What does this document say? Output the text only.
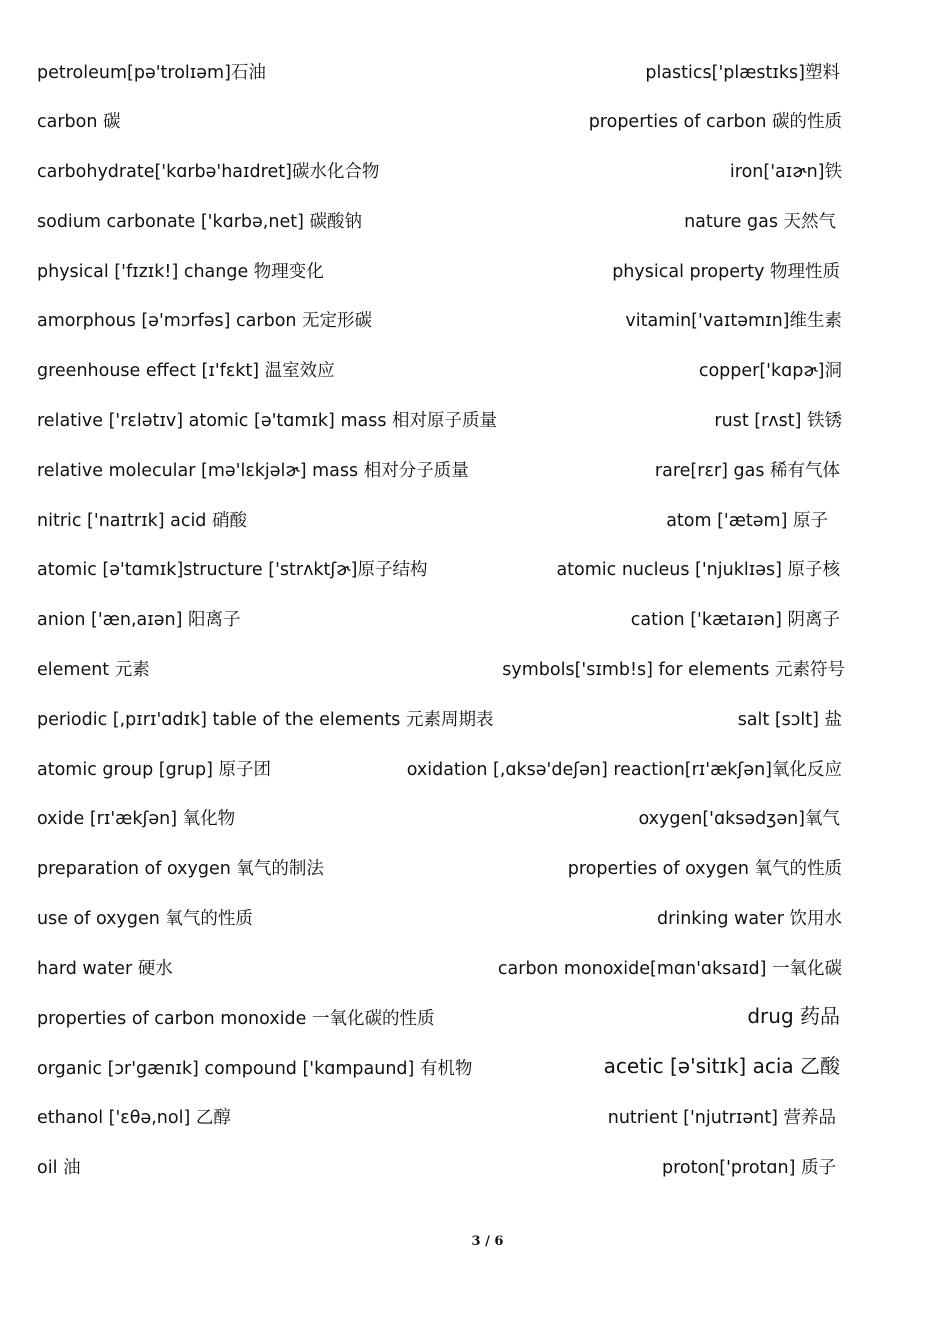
petroleum[pə'trolɪəm]石油	plastics['plæstɪks]塑料
carbon 碳	properties of carbon 碳的性质
carbohydrate['kɑrbə'haɪdret]碳水化合物	iron['aɪɚn]铁
sodium carbonate ['kɑrbə,net] 碳酸钠	nature gas 天然气
physical ['fɪzɪk!] change 物理变化	physical property 物理性质
amorphous [ə'mɔrfəs] carbon 无定形碳	vitamin['vaɪtəmɪn]维生素
greenhouse effect [ɪ'fɛkt] 温室效应	copper['kɑpɚ]洞
relative ['rɛlətɪv] atomic [ə'tɑmɪk] mass 相对原子质量	rust [rʌst] 铁锈
relative molecular [mə'lɛkjəlɚ] mass 相对分子质量	rare[rɛr] gas 稀有气体
nitric ['naɪtrɪk] acid 硝酸	atom ['ætəm] 原子
atomic [ə'tɑmɪk]structure ['strʌktʃɚ]原子结构	atomic nucleus ['njuklɪəs] 原子核
anion ['æn,aɪən] 阳离子	cation ['kætaɪən] 阴离子
element 元素	symbols['sɪmb!s] for elements 元素符号
periodic [,pɪrɪ'ɑdɪk] table of the elements 元素周期表	salt [sɔlt] 盐
atomic group [grup] 原子团	oxidation [,ɑksə'deʃən] reaction[rɪ'ækʃən]氧化反应
oxide [rɪ'ækʃən] 氧化物	oxygen['ɑksədʒən]氧气
preparation of oxygen 氧气的制法	properties of oxygen 氧气的性质
use of oxygen 氧气的性质	drinking water 饮用水
hard water 硬水	carbon monoxide[mɑn'ɑksaɪd] 一氧化碳
properties of carbon monoxide 一氧化碳的性质	drug 药品
organic [ɔr'gænɪk] compound ['kɑmpaund] 有机物	acetic [ə'sitɪk] acia 乙酸
ethanol ['ɛθə,nol] 乙醇	nutrient ['njutrɪənt] 营养品
oil 油	proton['protɑn] 质子
3 / 6
